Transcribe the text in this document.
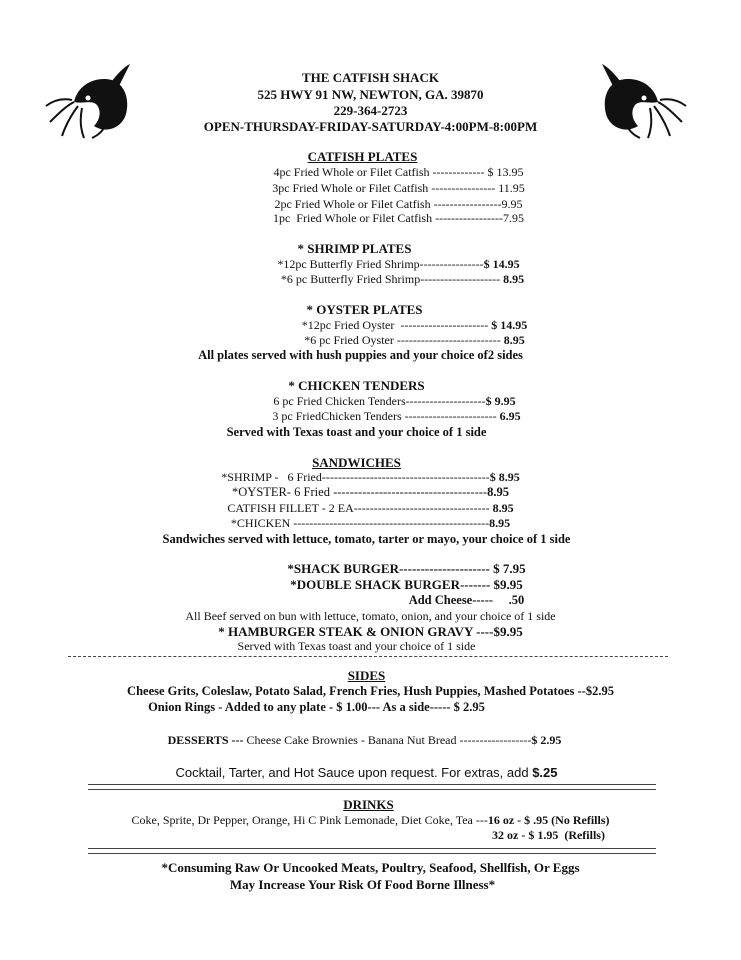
THE CATFISH SHACK
525 HWY 91 NW, NEWTON, GA. 39870
229-364-2723
OPEN-THURSDAY-FRIDAY-SATURDAY-4:00PM-8:00PM
CATFISH PLATES
4pc Fried Whole or Filet Catfish ------------- $ 13.95
3pc Fried Whole or Filet Catfish ---------------- 11.95
2pc Fried Whole or Filet Catfish -----------------9.95
1pc  Fried Whole or Filet Catfish -----------------7.95
* SHRIMP PLATES
*12pc Butterfly Fried Shrimp----------------$ 14.95
*6 pc Butterfly Fried Shrimp-------------------- 8.95
* OYSTER PLATES
*12pc Fried Oyster  ---------------------- $ 14.95
*6 pc Fried Oyster -------------------------- 8.95
All plates served with hush puppies and your choice of2 sides
* CHICKEN TENDERS
6 pc Fried Chicken Tenders--------------------$ 9.95
3 pc FriedChicken Tenders ----------------------- 6.95
Served with Texas toast and your choice of 1 side
SANDWICHES
*SHRIMP -   6 Fried------------------------------------------$ 8.95
*OYSTER- 6 Fried -------------------------------------8.95
CATFISH FILLET - 2 EA---------------------------------- 8.95
*CHICKEN -------------------------------------------------8.95
Sandwiches served with lettuce, tomato, tarter or mayo, your choice of 1 side
*SHACK BURGER--------------------- $ 7.95
*DOUBLE SHACK BURGER------- $9.95
Add Cheese----- .50
All Beef served on bun with lettuce, tomato, onion, and your choice of 1 side
* HAMBURGER STEAK & ONION GRAVY ----$9.95
Served with Texas toast and your choice of 1 side
SIDES
Cheese Grits, Coleslaw, Potato Salad, French Fries, Hush Puppies, Mashed Potatoes --$2.95
Onion Rings - Added to any plate - $ 1.00--- As a side----- $ 2.95
DESSERTS --- Cheese Cake Brownies - Banana Nut Bread ------------------$ 2.95
Cocktail, Tarter, and Hot Sauce upon request. For extras, add $.25
DRINKS
Coke, Sprite, Dr Pepper, Orange, Hi C Pink Lemonade, Diet Coke, Tea ---16 oz - $ .95 (No Refills)
32 oz - $ 1.95  (Refills)
*Consuming Raw Or Uncooked Meats, Poultry, Seafood, Shellfish, Or Eggs
May Increase Your Risk Of Food Borne Illness*
